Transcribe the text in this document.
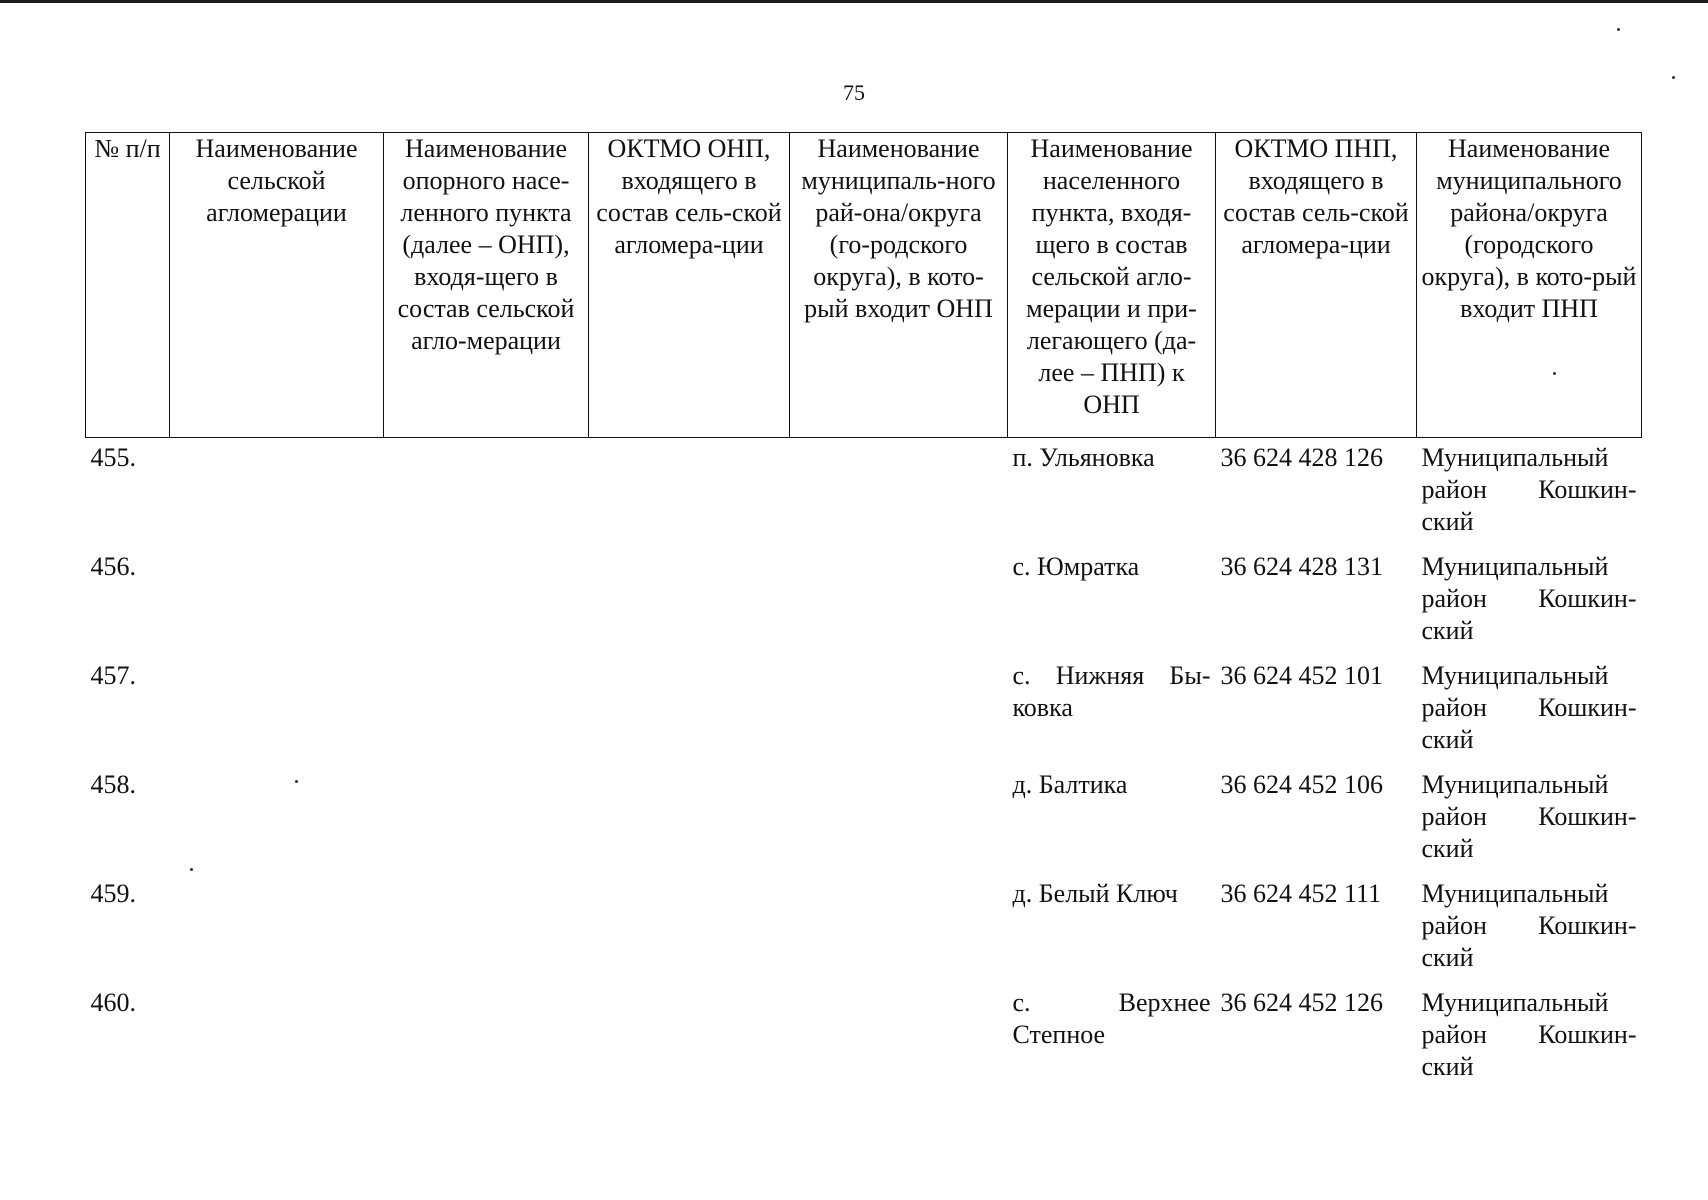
75
№ п/п	Наименование сельской агломерации	Наименование опорного насе-ленного пункта (далее – ОНП), входя-щего в состав сельской агло-мерации	ОКТМО ОНП, входящего в состав сель-ской агломера-ции	Наименование муниципаль-ного рай-она/округа (го-родского округа), в кото-рый входит ОНП	Наименование населенного пункта, входя-щего в состав сельской агло-мерации и при-легающего (да-лее – ПНП) к ОНП	ОКТМО ПНП, входящего в состав сель-ской агломера-ции	Наименование муниципального района/округа (городского округа), в кото-рый входит ПНП
455.					п. Ульяновка	36 624 428 126	Муниципальный район Кошкин-ский
456.					с. Юмратка	36 624 428 131	Муниципальный район Кошкин-ский
457.					с. Нижняя Бы-ковка	36 624 452 101	Муниципальный район Кошкин-ский
458.					д. Балтика	36 624 452 106	Муниципальный район Кошкин-ский
459.					д. Белый Ключ	36 624 452 111	Муниципальный район Кошкин-ский
460.					с. Верхнее Степное	36 624 452 126	Муниципальный район Кошкин-ский
